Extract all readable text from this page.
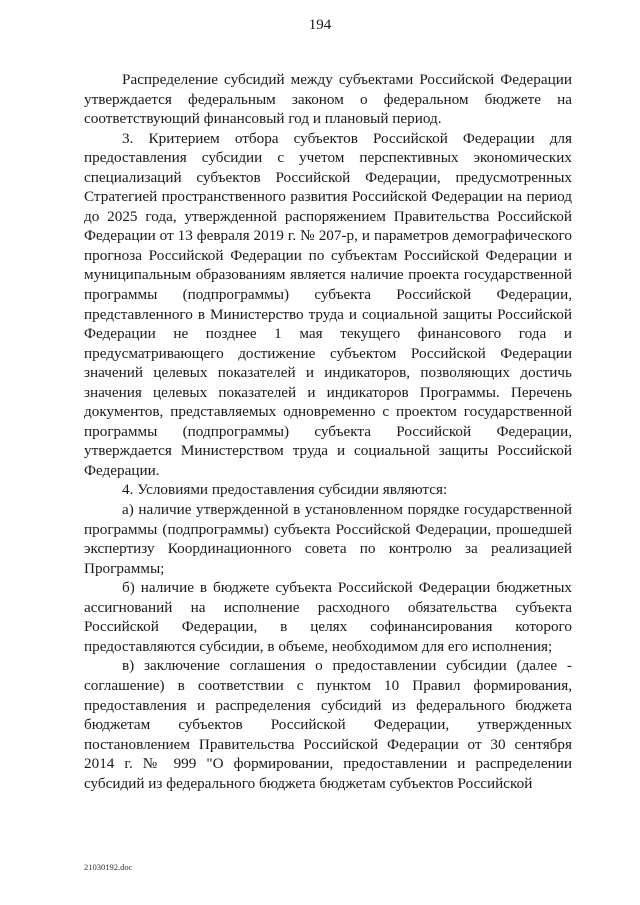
194

Распределение субсидий между субъектами Российской Федерации утверждается федеральным законом о федеральном бюджете на соответствующий финансовый год и плановый период.

3. Критерием отбора субъектов Российской Федерации для предоставления субсидии с учетом перспективных экономических специализаций субъектов Российской Федерации, предусмотренных Стратегией пространственного развития Российской Федерации на период до 2025 года, утвержденной распоряжением Правительства Российской Федерации от 13 февраля 2019 г. № 207-р, и параметров демографического прогноза Российской Федерации по субъектам Российской Федерации и муниципальным образованиям является наличие проекта государственной программы (подпрограммы) субъекта Российской Федерации, представленного в Министерство труда и социальной защиты Российской Федерации не позднее 1 мая текущего финансового года и предусматривающего достижение субъектом Российской Федерации значений целевых показателей и индикаторов, позволяющих достичь значения целевых показателей и индикаторов Программы. Перечень документов, представляемых одновременно с проектом государственной программы (подпрограммы) субъекта Российской Федерации, утверждается Министерством труда и социальной защиты Российской Федерации.

4. Условиями предоставления субсидии являются:

а) наличие утвержденной в установленном порядке государственной программы (подпрограммы) субъекта Российской Федерации, прошедшей экспертизу Координационного совета по контролю за реализацией Программы;

б) наличие в бюджете субъекта Российской Федерации бюджетных ассигнований на исполнение расходного обязательства субъекта Российской Федерации, в целях софинансирования которого предоставляются субсидии, в объеме, необходимом для его исполнения;

в) заключение соглашения о предоставлении субсидии (далее - соглашение) в соответствии с пунктом 10 Правил формирования, предоставления и распределения субсидий из федерального бюджета бюджетам субъектов Российской Федерации, утвержденных постановлением Правительства Российской Федерации от 30 сентября 2014 г. № 999 "О формировании, предоставлении и распределении субсидий из федерального бюджета бюджетам субъектов Российской

21030192.doc
